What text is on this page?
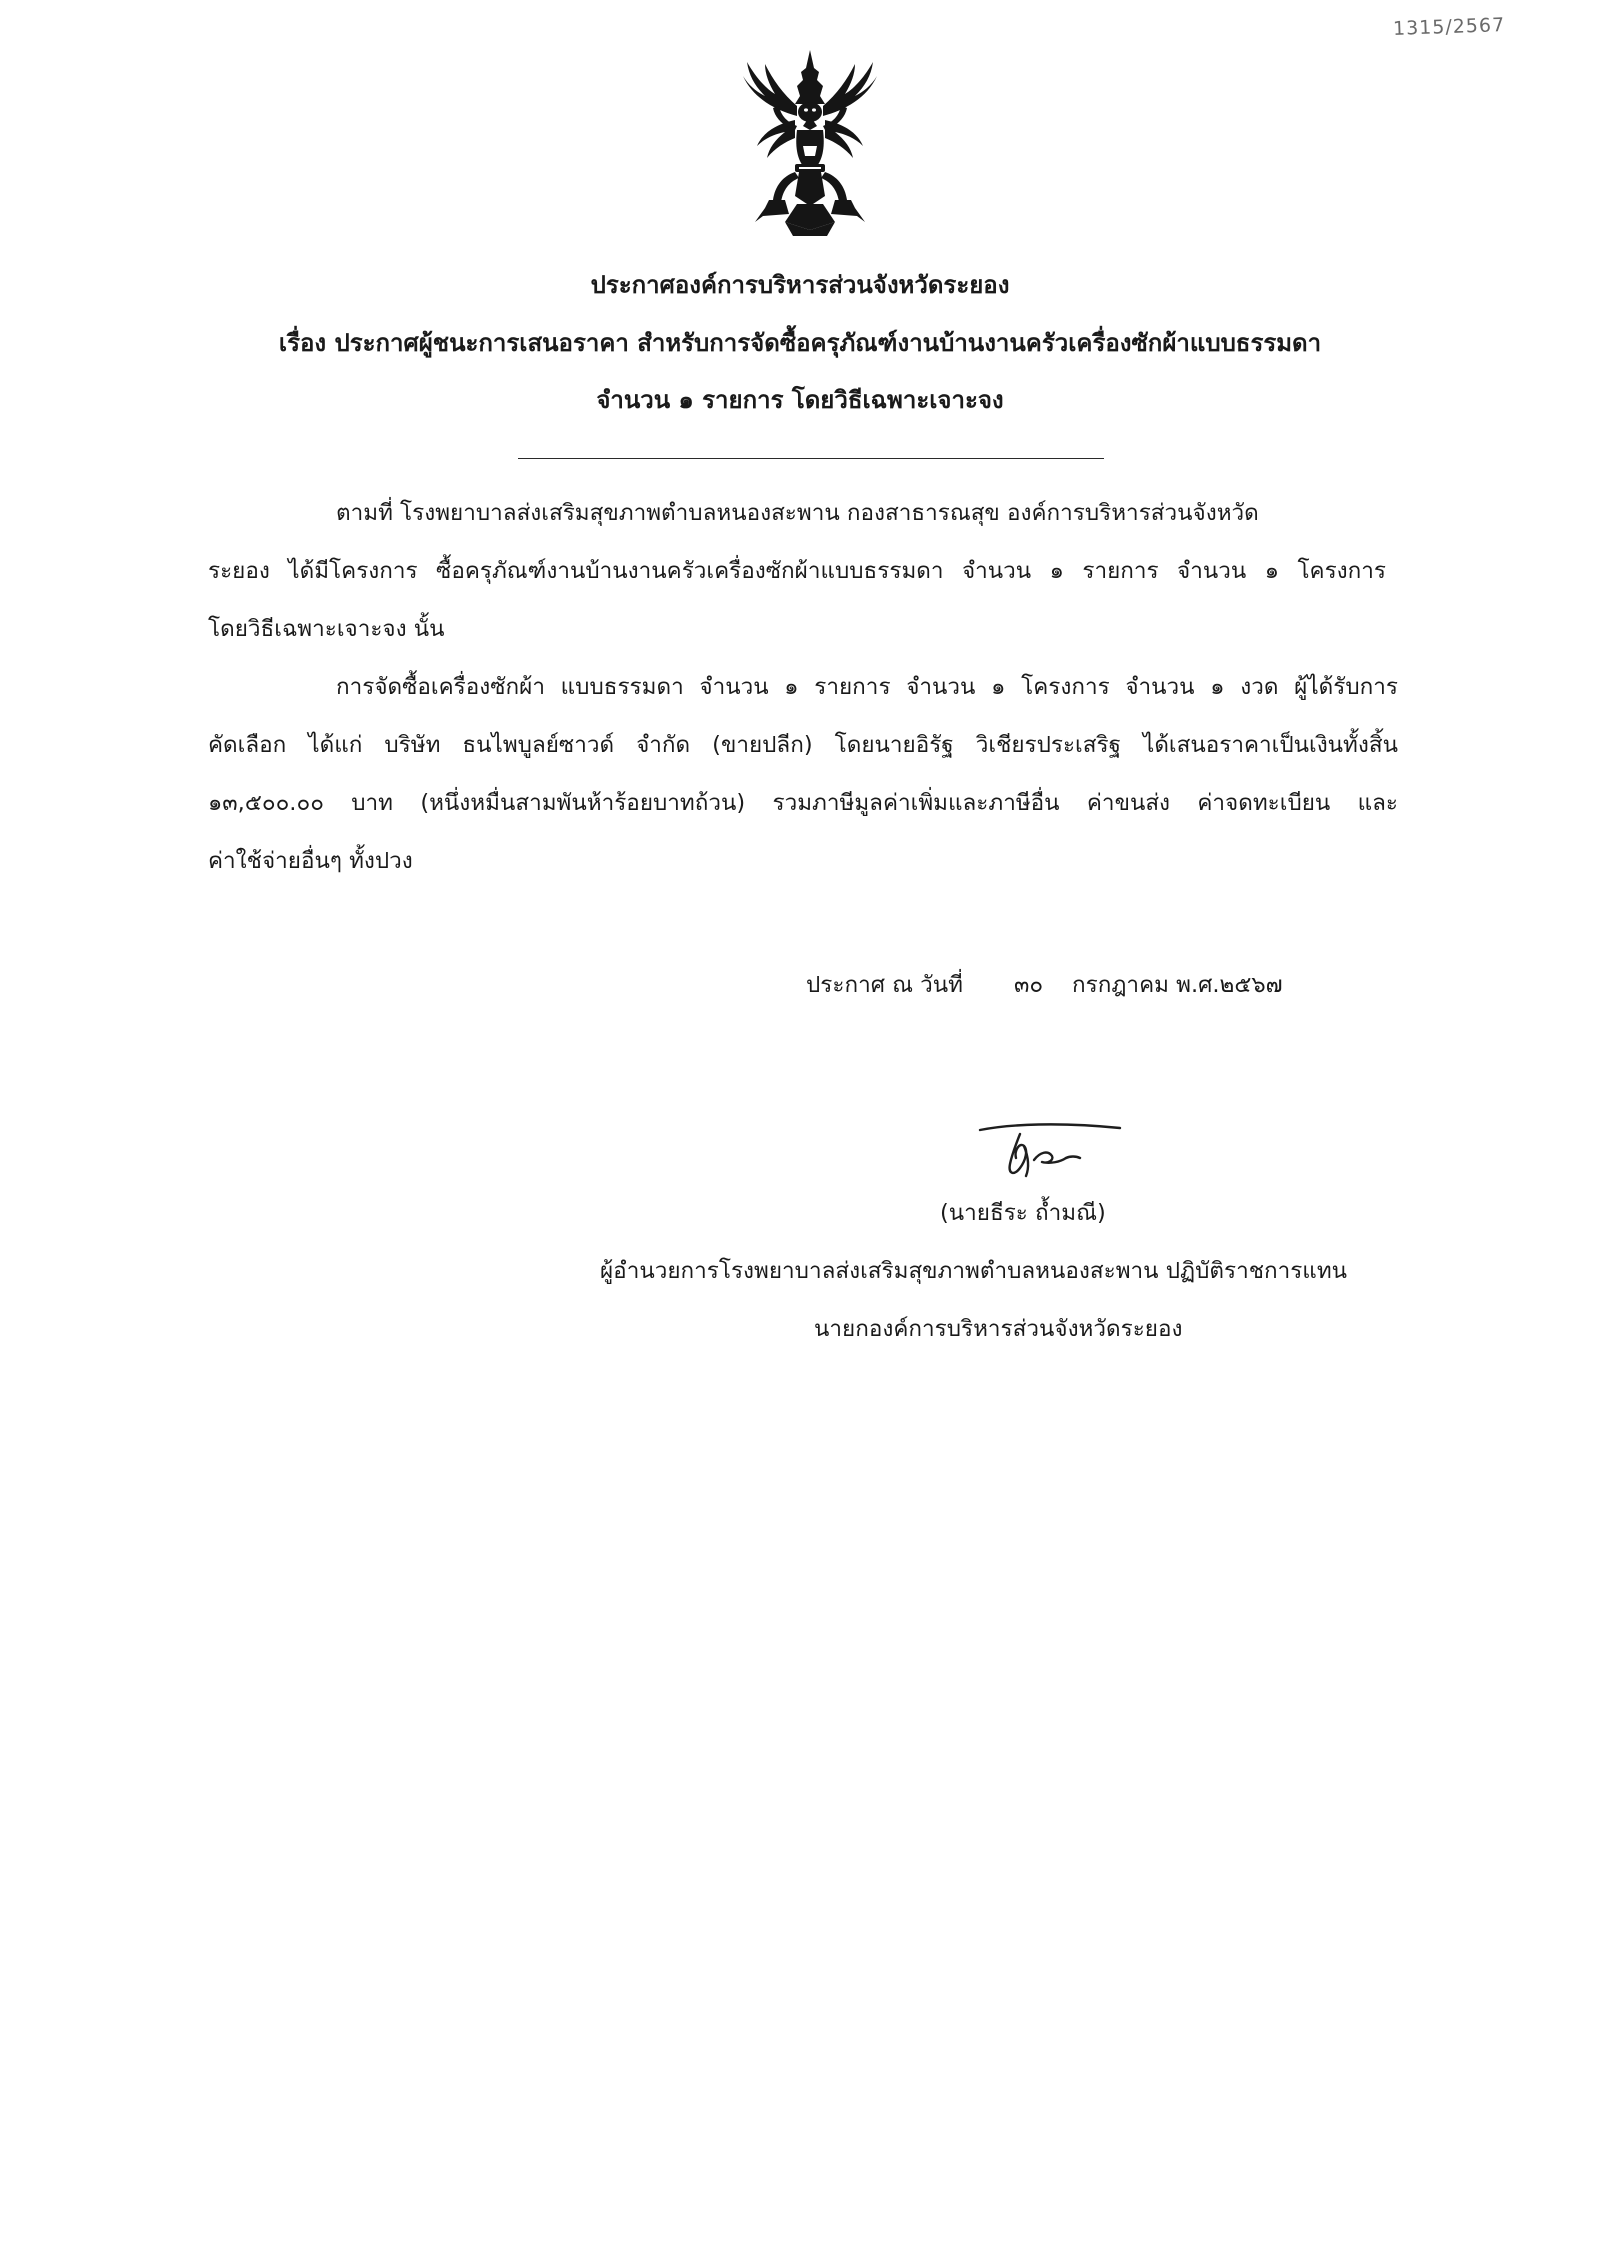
1315/2567
ประกาศองค์การบริหารส่วนจังหวัดระยอง
เรื่อง ประกาศผู้ชนะการเสนอราคา สำหรับการจัดซื้อครุภัณฑ์งานบ้านงานครัวเครื่องซักผ้าแบบธรรมดา
จำนวน ๑ รายการ โดยวิธีเฉพาะเจาะจง
ตามที่ โรงพยาบาลส่งเสริมสุขภาพตำบลหนองสะพาน กองสาธารณสุข องค์การบริหารส่วนจังหวัด
ระยอง ได้มีโครงการ ซื้อครุภัณฑ์งานบ้านงานครัวเครื่องซักผ้าแบบธรรมดา จำนวน ๑ รายการ จำนวน ๑ โครงการ
โดยวิธีเฉพาะเจาะจง นั้น
การจัดซื้อเครื่องซักผ้า แบบธรรมดา จำนวน ๑ รายการ จำนวน ๑ โครงการ จำนวน ๑ งวด ผู้ได้รับการ
คัดเลือก ได้แก่ บริษัท ธนไพบูลย์ซาวด์ จำกัด (ขายปลีก) โดยนายอิรัฐ วิเชียรประเสริฐ ได้เสนอราคาเป็นเงินทั้งสิ้น
๑๓,๕๐๐.๐๐ บาท (หนึ่งหมื่นสามพันห้าร้อยบาทถ้วน) รวมภาษีมูลค่าเพิ่มและภาษีอื่น ค่าขนส่ง ค่าจดทะเบียน และ
ค่าใช้จ่ายอื่นๆ ทั้งปวง
ประกาศ ณ วันที่ ๓๐ กรกฎาคม พ.ศ.๒๕๖๗
(นายธีระ ถ้ำมณี)
ผู้อำนวยการโรงพยาบาลส่งเสริมสุขภาพตำบลหนองสะพาน ปฏิบัติราชการแทน
นายกองค์การบริหารส่วนจังหวัดระยอง
